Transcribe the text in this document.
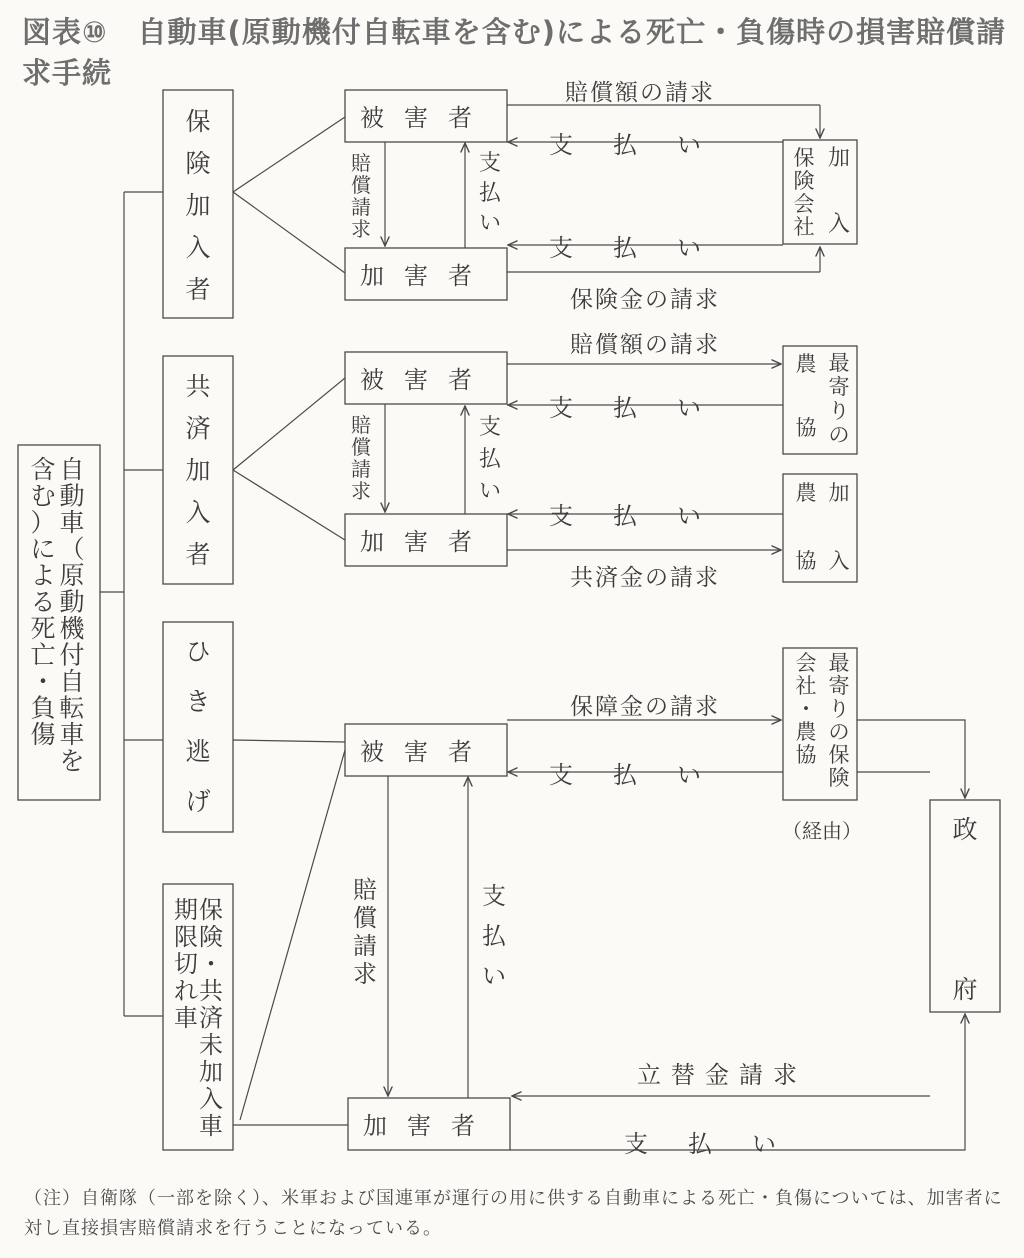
図表⑩　自動車(原動機付自転車を含む)による死亡・負傷時の損害賠償請求手続
自
動
車
（
原
動
機
付
自
転
車
を
含
む
）
に
よ
る
死
亡
・
負
傷
保
険
加
入
者
共
済
加
入
者
ひ
き
逃
げ
保
険
・
共
済
未
加
入
車
期
限
切
れ
車
被害者
加害者
加
入
保
険
会
社
賠償額の請求
支払い
支払い
保険金の請求
賠
償
請
求
支
払
い
被害者
加害者
最
寄
り
の
農
協
加
入
農
協
賠償額の請求
支払い
支払い
共済金の請求
賠
償
請
求
支
払
い
被害者
加害者
最
寄
り
の
保
険
会
社
・
農
協
（経由）	政
府
保障金の請求
支払い
立替金請求
支払い
賠
償
請
求
支
払
い

（注）自衛隊（一部を除く）、米軍および国連軍が運行の用に供する自動車による死亡・負傷については、加害者に対し直接損害賠償請求を行うことになっている。
